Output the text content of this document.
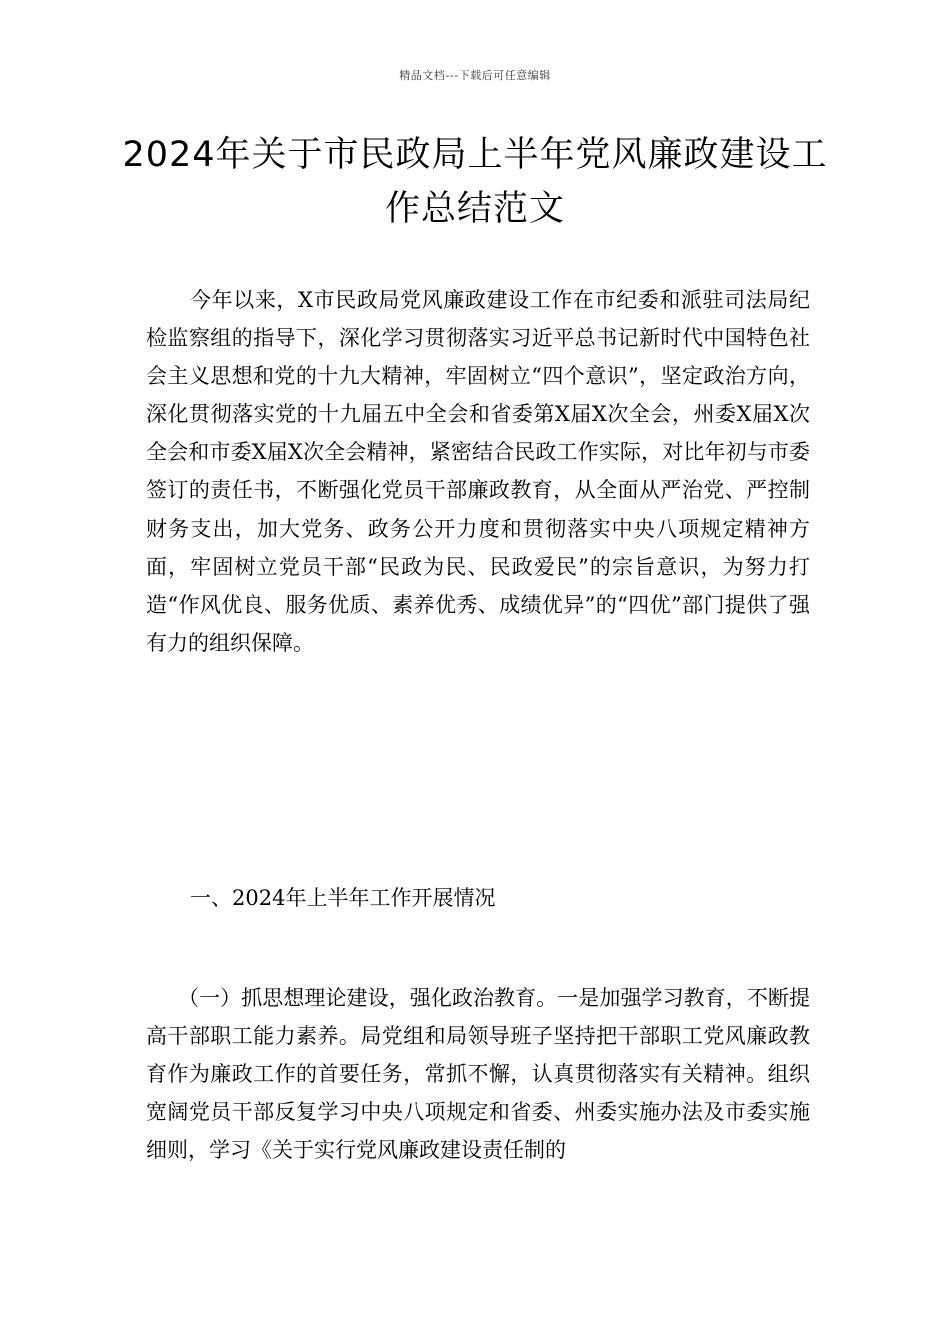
精品文档---下载后可任意编辑
2024年关于市民政局上半年党风廉政建设工作总结范文

今年以来，X市民政局党风廉政建设工作在市纪委和派驻司法局纪检监察组的指导下，深化学习贯彻落实习近平总书记新时代中国特色社会主义思想和党的十九大精神，牢固树立“四个意识”，坚定政治方向，深化贯彻落实党的十九届五中全会和省委第X届X次全会，州委X届X次全会和市委X届X次全会精神，紧密结合民政工作实际，对比年初与市委签订的责任书，不断强化党员干部廉政教育，从全面从严治党、严控制财务支出，加大党务、政务公开力度和贯彻落实中央八项规定精神方面，牢固树立党员干部“民政为民、民政爱民”的宗旨意识，为努力打造“作风优良、服务优质、素养优秀、成绩优异”的“四优”部门提供了强有力的组织保障。

一、2024年上半年工作开展情况

（一）抓思想理论建设，强化政治教育。一是加强学习教育，不断提高干部职工能力素养。局党组和局领导班子坚持把干部职工党风廉政教育作为廉政工作的首要任务，常抓不懈，认真贯彻落实有关精神。组织宽阔党员干部反复学习中央八项规定和省委、州委实施办法及市委实施细则，学习《关于实行党风廉政建设责任制的
